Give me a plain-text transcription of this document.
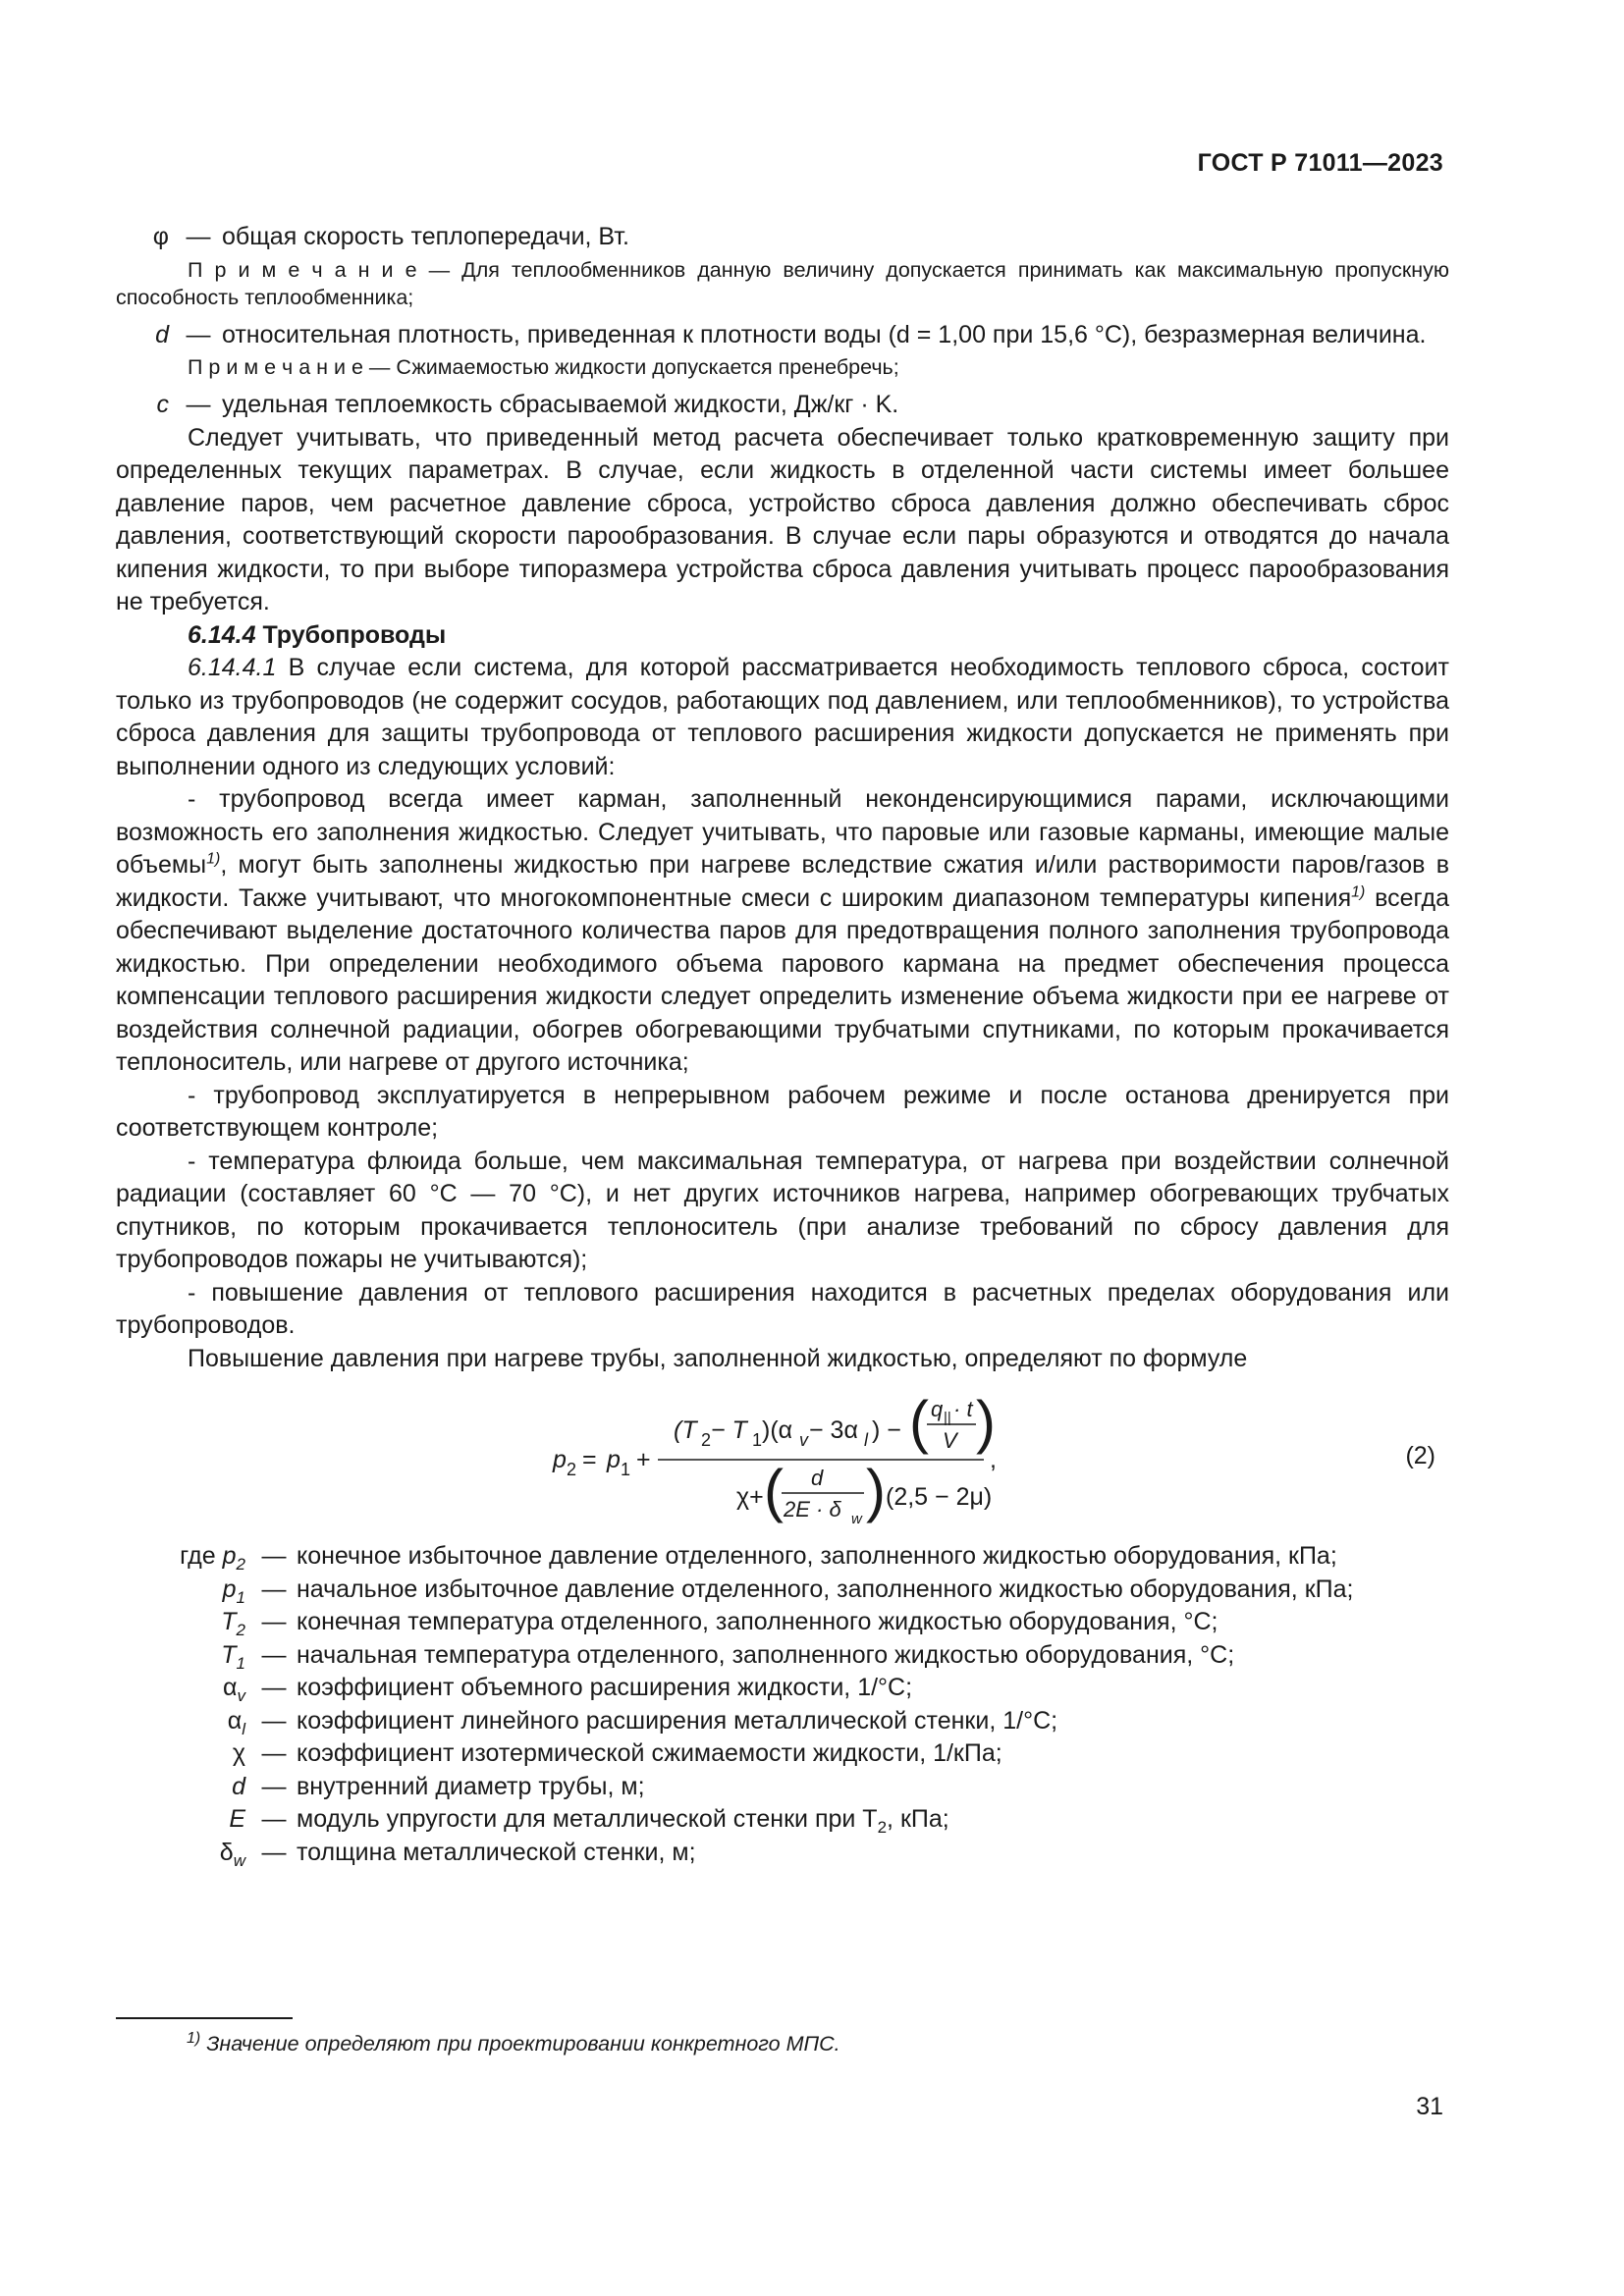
ГОСТ Р 71011—2023
φ — общая скорость теплопередачи, Вт.
П р и м е ч а н и е — Для теплообменников данную величину допускается принимать как максимальную пропускную способность теплообменника;
d — относительная плотность, приведенная к плотности воды (d = 1,00 при 15,6 °C), безразмерная величина.
П р и м е ч а н и е — Сжимаемостью жидкости допускается пренебречь;
c — удельная теплоемкость сбрасываемой жидкости, Дж/кг · K.

Следует учитывать, что приведенный метод расчета обеспечивает только кратковременную защиту при определенных текущих параметрах. В случае, если жидкость в отделенной части системы имеет большее давление паров, чем расчетное давление сброса, устройство сброса давления должно обеспечивать сброс давления, соответствующий скорости парообразования. В случае если пары образуются и отводятся до начала кипения жидкости, то при выборе типоразмера устройства сброса давления учитывать процесс парообразования не требуется.

6.14.4 Трубопроводы

6.14.4.1 В случае если система, для которой рассматривается необходимость теплового сброса, состоит только из трубопроводов (не содержит сосудов, работающих под давлением, или теплообменников), то устройства сброса давления для защиты трубопровода от теплового расширения жидкости допускается не применять при выполнении одного из следующих условий:

- трубопровод всегда имеет карман, заполненный неконденсирующимися парами, исключающими возможность его заполнения жидкостью. Следует учитывать, что паровые или газовые карманы, имеющие малые объемы$^{1)}$, могут быть заполнены жидкостью при нагреве вследствие сжатия и/или растворимости паров/газов в жидкости. Также учитывают, что многокомпонентные смеси с широким диапазоном температуры кипения$^{1)}$ всегда обеспечивают выделение достаточного количества паров для предотвращения полного заполнения трубопровода жидкостью. При определении необходимого объема парового кармана на предмет обеспечения процесса компенсации теплового расширения жидкости следует определить изменение объема жидкости при ее нагреве от воздействия солнечной радиации, обогрев обогревающими трубчатыми спутниками, по которым прокачивается теплоноситель, или нагреве от другого источника;

- трубопровод эксплуатируется в непрерывном рабочем режиме и после останова дренируется при соответствующем контроле;

- температура флюида больше, чем максимальная температура, от нагрева при воздействии солнечной радиации (составляет 60 °C — 70 °C), и нет других источников нагрева, например обогревающих трубчатых спутников, по которым прокачивается теплоноситель (при анализе требований по сбросу давления для трубопроводов пожары не учитываются);

- повышение давления от теплового расширения находится в расчетных пределах оборудования или трубопроводов.

Повышение давления при нагреве трубы, заполненной жидкостью, определяют по формуле

p 2 = p 1 +
(T 2 − T 1 )(α v − 3α l ) − ( q || · t
V )
,
χ+ ( d
2E · δ w ) (2,5 − 2μ)
(2)
где $p_2$ — конечное избыточное давление отделенного, заполненного жидкостью оборудования, кПа;
$p_1$ — начальное избыточное давление отделенного, заполненного жидкостью оборудования, кПа;
$T_2$ — конечная температура отделенного, заполненного жидкостью оборудования, °C;
$T_1$ — начальная температура отделенного, заполненного жидкостью оборудования, °C;
$\alpha_v$ — коэффициент объемного расширения жидкости, 1/°C;
$\alpha_l$ — коэффициент линейного расширения металлической стенки, 1/°C;
χ — коэффициент изотермической сжимаемости жидкости, 1/кПа;
d — внутренний диаметр трубы, м;
E — модуль упругости для металлической стенки при $T_2$, кПа;
$\delta_w$ — толщина металлической стенки, м;
$^{1)}$ Значение определяют при проектировании конкретного МПС.
31
